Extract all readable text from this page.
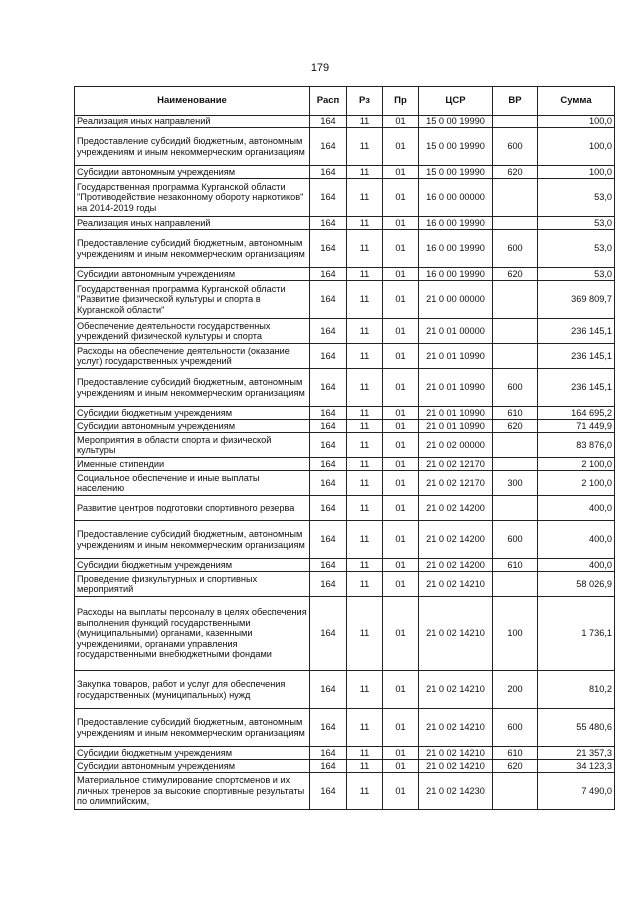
179
Наименование	Расп	Рз	Пр	ЦСР	ВР	Сумма
Реализация иных направлений	164	11	01	15 0 00 19990		100,0
Предоставление субсидий бюджетным, автономным учреждениям и иным некоммерческим организациям	164	11	01	15 0 00 19990	600	100,0
Субсидии автономным учреждениям	164	11	01	15 0 00 19990	620	100,0
Государственная программа Курганской области "Противодействие незаконному обороту наркотиков" на 2014-2019 годы	164	11	01	16 0 00 00000		53,0
Реализация иных направлений	164	11	01	16 0 00 19990		53,0
Предоставление субсидий бюджетным, автономным учреждениям и иным некоммерческим организациям	164	11	01	16 0 00 19990	600	53,0
Субсидии автономным учреждениям	164	11	01	16 0 00 19990	620	53,0
Государственная программа Курганской области "Развитие физической культуры и спорта в Курганской области"	164	11	01	21 0 00 00000		369 809,7
Обеспечение деятельности государственных учреждений физической культуры и спорта	164	11	01	21 0 01 00000		236 145,1
Расходы на обеспечение деятельности (оказание услуг) государственных учреждений	164	11	01	21 0 01 10990		236 145,1
Предоставление субсидий бюджетным, автономным учреждениям и иным некоммерческим организациям	164	11	01	21 0 01 10990	600	236 145,1
Субсидии бюджетным учреждениям	164	11	01	21 0 01 10990	610	164 695,2
Субсидии автономным учреждениям	164	11	01	21 0 01 10990	620	71 449,9
Мероприятия в области спорта и физической культуры	164	11	01	21 0 02 00000		83 876,0
Именные стипендии	164	11	01	21 0 02 12170		2 100,0
Социальное обеспечение и иные выплаты населению	164	11	01	21 0 02 12170	300	2 100,0
Развитие центров подготовки спортивного резерва	164	11	01	21 0 02 14200		400,0
Предоставление субсидий бюджетным, автономным учреждениям и иным некоммерческим организациям	164	11	01	21 0 02 14200	600	400,0
Субсидии бюджетным учреждениям	164	11	01	21 0 02 14200	610	400,0
Проведение физкультурных и спортивных мероприятий	164	11	01	21 0 02 14210		58 026,9
Расходы на выплаты персоналу в целях обеспечения выполнения функций государственными (муниципальными) органами, казенными учреждениями, органами управления государственными внебюджетными фондами	164	11	01	21 0 02 14210	100	1 736,1
Закупка товаров, работ и услуг для обеспечения государственных (муниципальных) нужд	164	11	01	21 0 02 14210	200	810,2
Предоставление субсидий бюджетным, автономным учреждениям и иным некоммерческим организациям	164	11	01	21 0 02 14210	600	55 480,6
Субсидии бюджетным учреждениям	164	11	01	21 0 02 14210	610	21 357,3
Субсидии автономным учреждениям	164	11	01	21 0 02 14210	620	34 123,3
Материальное стимулирование спортсменов и их личных тренеров за высокие спортивные результаты по олимпийским,	164	11	01	21 0 02 14230		7 490,0
